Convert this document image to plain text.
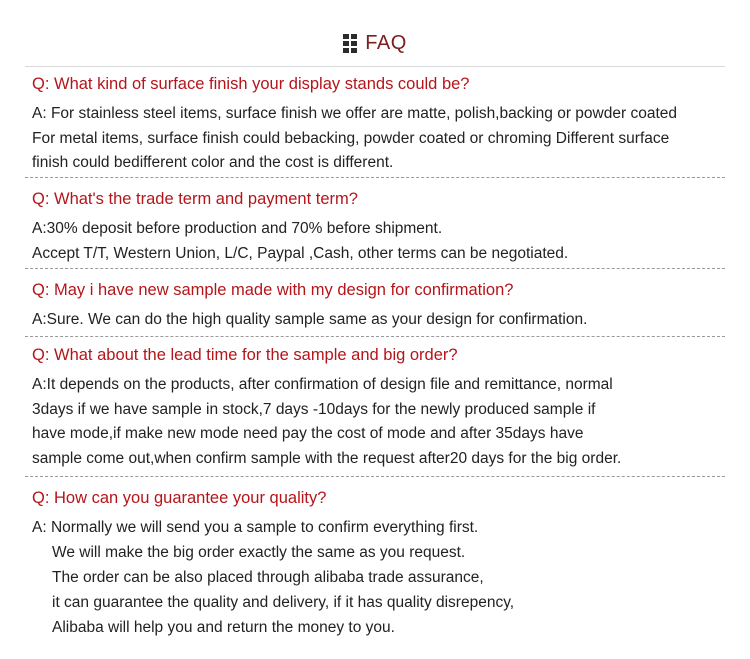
FAQ
Q: What kind of surface finish your display stands could be?
A: For stainless steel items, surface finish we offer are matte, polish,backing or powder coated
For metal items, surface finish could bebacking, powder coated or chroming Different surface
finish could bedifferent color and the cost is different.
Q: What's the trade term and payment term?
A:30% deposit before production and 70% before shipment.
Accept T/T, Western Union, L/C, Paypal ,Cash, other terms can be negotiated.
Q: May i have new sample made with my design for confirmation?
A:Sure. We can do the high quality sample same as your design for confirmation.
Q: What about the lead time for the sample and big order?
A:It depends on the products, after confirmation of design file and remittance, normal
3days if we have sample in stock,7 days -10days for the newly produced sample if
have mode,if make new mode need pay the cost of mode and after 35days have
sample come out,when confirm sample with the request after20 days for the big order.
Q: How can you guarantee your quality?
A: Normally we will send you a sample to confirm everything first.
We will make the big order exactly the same as you request.
The order can be also placed through alibaba trade assurance,
it can guarantee the quality and delivery, if it has quality disrepency,
Alibaba will help you and return the money to you.
